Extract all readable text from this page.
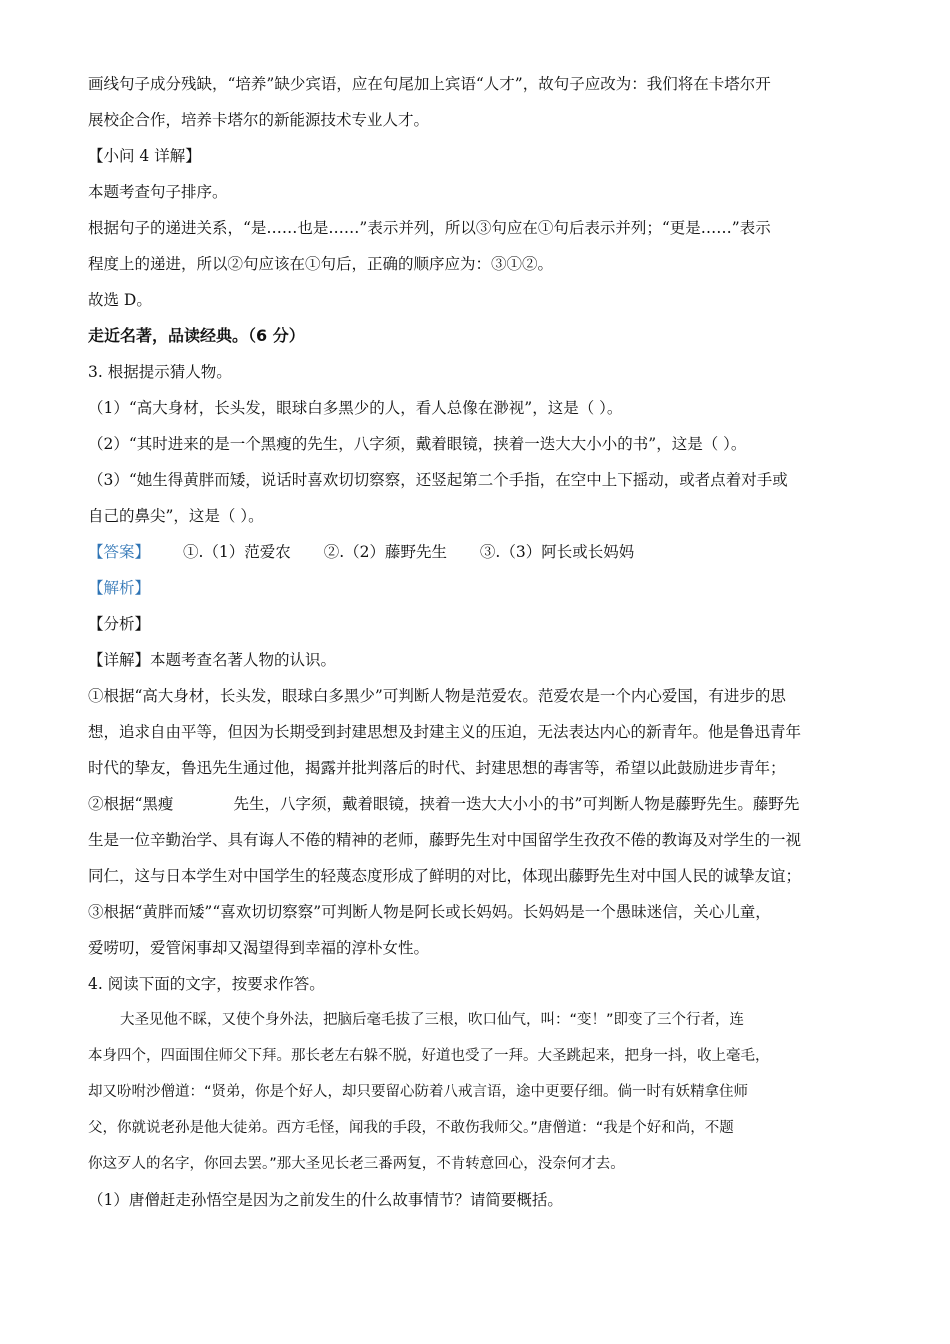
画线句子成分残缺，“培养”缺少宾语，应在句尾加上宾语“人才”，故句子应改为：我们将在卡塔尔开
展校企合作，培养卡塔尔的新能源技术专业人才。
【小问 4 详解】
本题考查句子排序。
根据句子的递进关系，“是……也是……”表示并列，所以③句应在①句后表示并列；“更是……”表示
程度上的递进，所以②句应该在①句后，正确的顺序应为：③①②。
故选 D。
走近名著，品读经典。（6 分）
3. 根据提示猜人物。
（1）“高大身材，长头发，眼球白多黑少的人，看人总像在渺视”，这是（ ）。
（2）“其时进来的是一个黑瘦的先生，八字须，戴着眼镜，挟着一迭大大小小的书”，这是（ ）。
（3）“她生得黄胖而矮，说话时喜欢切切察察，还竖起第二个手指，在空中上下摇动，或者点着对手或
自己的鼻尖”，这是（ ）。
【答案】 ①.（1）范爱农 ②.（2）藤野先生 ③.（3）阿长或长妈妈
【解析】
【分析】
【详解】本题考查名著人物的认识。
①根据“高大身材，长头发，眼球白多黑少”可判断人物是范爱农。范爱农是一个内心爱国，有进步的思
想，追求自由平等，但因为长期受到封建思想及封建主义的压迫，无法表达内心的新青年。他是鲁迅青年
时代的挚友，鲁迅先生通过他，揭露并批判落后的时代、封建思想的毒害等，希望以此鼓励进步青年；
②根据“黑瘦	先生，八字须，戴着眼镜，挟着一迭大大小小的书”可判断人物是藤野先生。藤野先
生是一位辛勤治学、具有诲人不倦的精神的老师，藤野先生对中国留学生孜孜不倦的教诲及对学生的一视
同仁，这与日本学生对中国学生的轻蔑态度形成了鲜明的对比，体现出藤野先生对中国人民的诚挚友谊；
③根据“黄胖而矮”“喜欢切切察察”可判断人物是阿长或长妈妈。长妈妈是一个愚昧迷信，关心儿童，
爱唠叨，爱管闲事却又渴望得到幸福的淳朴女性。
4. 阅读下面的文字，按要求作答。
大圣见他不睬，又使个身外法，把脑后毫毛拔了三根，吹口仙气，叫：“变！”即变了三个行者，连
本身四个，四面围住师父下拜。那长老左右躲不脱，好道也受了一拜。大圣跳起来，把身一抖，收上毫毛，
却又吩咐沙僧道：“贤弟，你是个好人，却只要留心防着八戒言语，途中更要仔细。倘一时有妖精拿住师
父，你就说老孙是他大徒弟。西方毛怪，闻我的手段，不敢伤我师父。”唐僧道：“我是个好和尚，不题
你这歹人的名字，你回去罢。”那大圣见长老三番两复，不肯转意回心，没奈何才去。
（1）唐僧赶走孙悟空是因为之前发生的什么故事情节？请简要概括。
